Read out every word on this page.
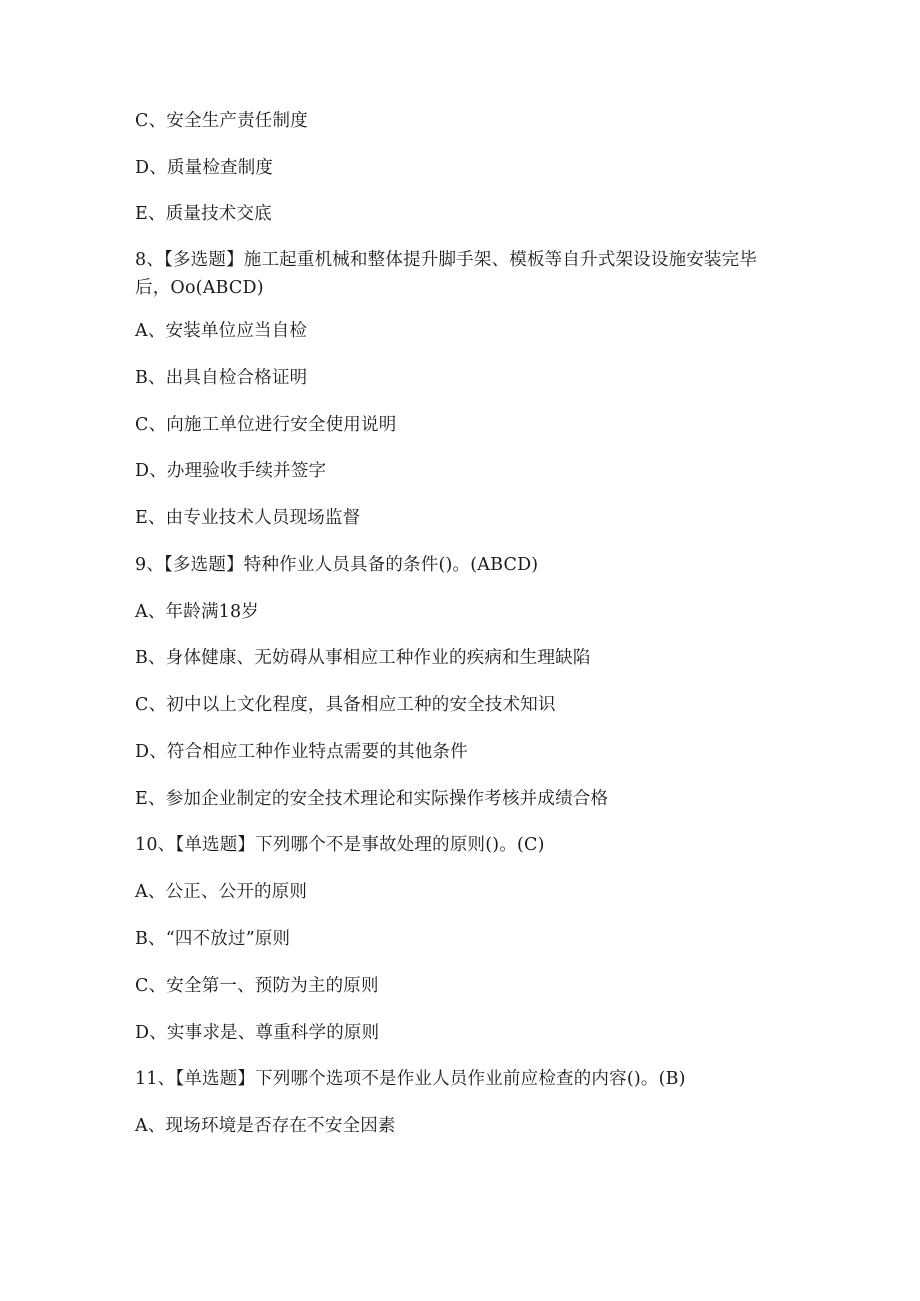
C、安全生产责任制度
D、质量检查制度
E、质量技术交底
8、【多选题】施工起重机械和整体提升脚手架、模板等自升式架设设施安装完毕后，Oo(ABCD)
A、安装单位应当自检
B、出具自检合格证明
C、向施工单位进行安全使用说明
D、办理验收手续并签字
E、由专业技术人员现场监督
9、【多选题】特种作业人员具备的条件()。(ABCD)
A、年龄满18岁
B、身体健康、无妨碍从事相应工种作业的疾病和生理缺陷
C、初中以上文化程度，具备相应工种的安全技术知识
D、符合相应工种作业特点需要的其他条件
E、参加企业制定的安全技术理论和实际操作考核并成绩合格
10、【单选题】下列哪个不是事故处理的原则()。(C)
A、公正、公开的原则
B、“四不放过”原则
C、安全第一、预防为主的原则
D、实事求是、尊重科学的原则
11、【单选题】下列哪个选项不是作业人员作业前应检查的内容()。(B)
A、现场环境是否存在不安全因素
